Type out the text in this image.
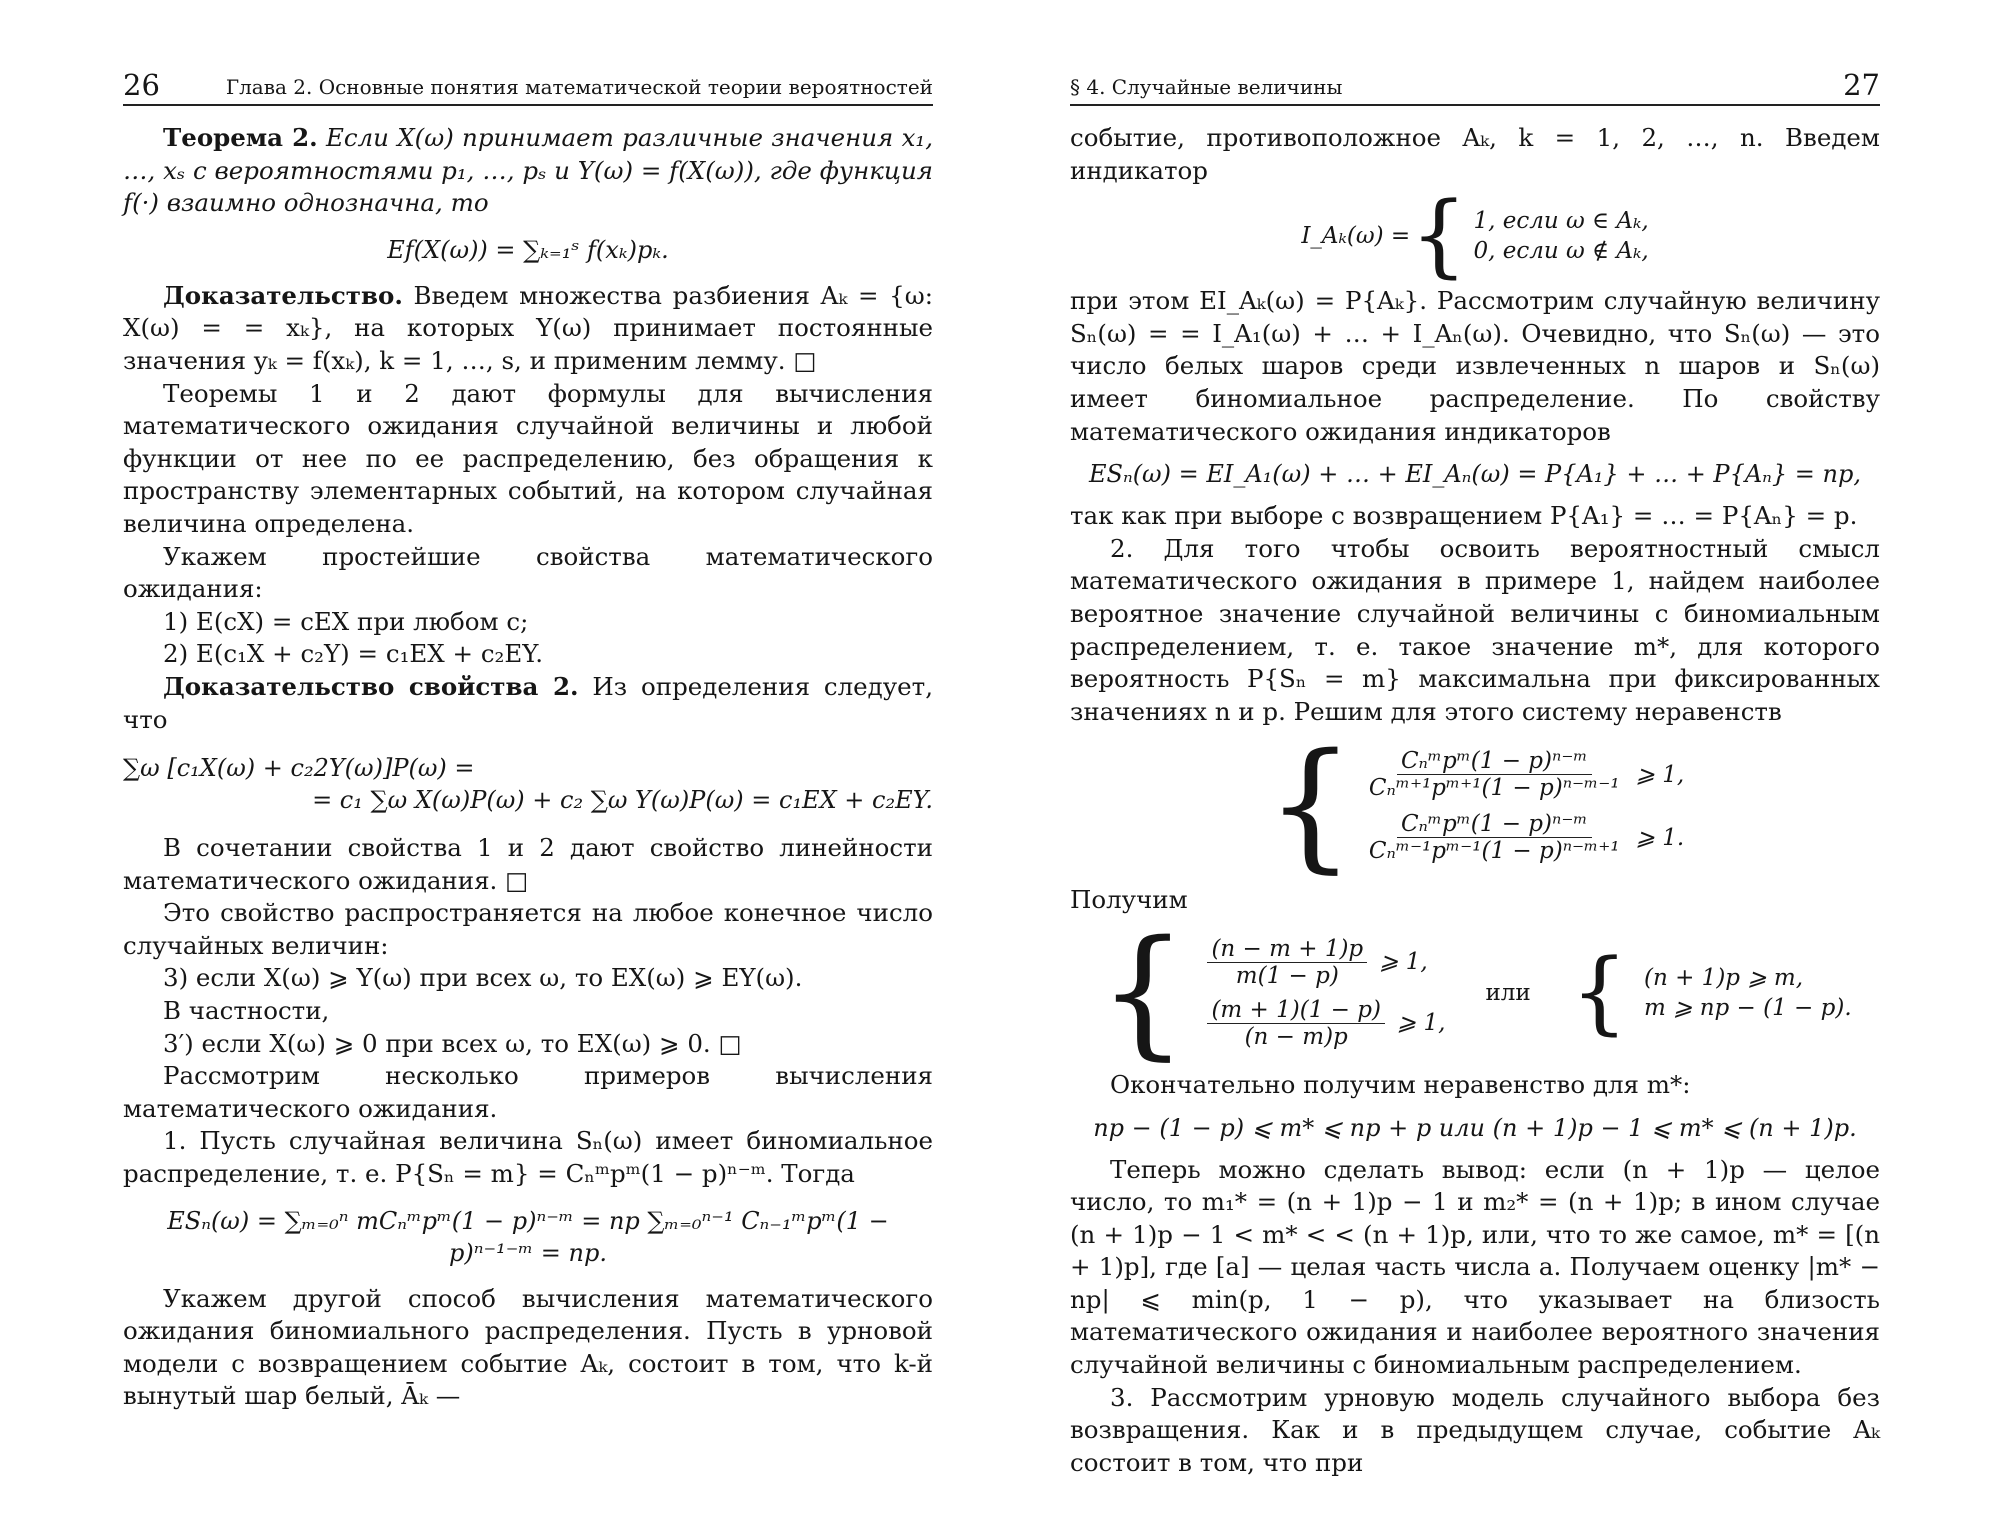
26	Глава 2. Основные понятия математической теории вероятностей

Теорема 2. Если X(ω) принимает различные значения x₁, …, xₛ с вероятностями p₁, …, pₛ и Y(ω) = f(X(ω)), где функция f(·) взаимно однозначна, то

Ef(X(ω)) = ∑ₖ₌₁ˢ f(xₖ)pₖ.

Доказательство. Введем множества разбиения Aₖ = {ω: X(ω) = = xₖ}, на которых Y(ω) принимает постоянные значения yₖ = f(xₖ), k = 1, …, s, и применим лемму. □

Теоремы 1 и 2 дают формулы для вычисления математического ожидания случайной величины и любой функции от нее по ее распределению, без обращения к пространству элементарных событий, на котором случайная величина определена.

Укажем простейшие свойства математического ожидания:

1) E(cX) = cEX при любом c;

2) E(c₁X + c₂Y) = c₁EX + c₂EY.

Доказательство свойства 2. Из определения следует, что

∑ω [c₁X(ω) + c₂2Y(ω)]P(ω) =
= c₁ ∑ω X(ω)P(ω) + c₂ ∑ω Y(ω)P(ω) = c₁EX + c₂EY.

В сочетании свойства 1 и 2 дают свойство линейности математического ожидания. □

Это свойство распространяется на любое конечное число случайных величин:

3) если X(ω) ⩾ Y(ω) при всех ω, то EX(ω) ⩾ EY(ω).

В частности,

3′) если X(ω) ⩾ 0 при всех ω, то EX(ω) ⩾ 0. □

Рассмотрим несколько примеров вычисления математического ожидания.

1. Пусть случайная величина Sₙ(ω) имеет биномиальное распределение, т. е. P{Sₙ = m} = Cₙᵐpᵐ(1 − p)ⁿ⁻ᵐ. Тогда

ESₙ(ω) = ∑ₘ₌₀ⁿ mCₙᵐpᵐ(1 − p)ⁿ⁻ᵐ = np ∑ₘ₌₀ⁿ⁻¹ Cₙ₋₁ᵐpᵐ(1 − p)ⁿ⁻¹⁻ᵐ = np.

Укажем другой способ вычисления математического ожидания биномиального распределения. Пусть в урновой модели с возвращением событие Aₖ, состоит в том, что k-й вынутый шар белый, Āₖ —

§ 4. Случайные величины	27

событие, противоположное Aₖ, k = 1, 2, …, n. Введем индикатор

I_Aₖ(ω) = { 1, если ω ∈ Aₖ,
0, если ω ∉ Aₖ,

при этом EI_Aₖ(ω) = P{Aₖ}. Рассмотрим случайную величину Sₙ(ω) = = I_A₁(ω) + … + I_Aₙ(ω). Очевидно, что Sₙ(ω) — это число белых шаров среди извлеченных n шаров и Sₙ(ω) имеет биномиальное распределение. По свойству математического ожидания индикаторов

ESₙ(ω) = EI_A₁(ω) + … + EI_Aₙ(ω) = P{A₁} + … + P{Aₙ} = np,

так как при выборе с возвращением P{A₁} = … = P{Aₙ} = p.

2. Для того чтобы освоить вероятностный смысл математического ожидания в примере 1, найдем наиболее вероятное значение случайной величины с биномиальным распределением, т. е. такое значение m*, для которого вероятность P{Sₙ = m} максимальна при фиксированных значениях n и p. Решим для этого систему неравенств

{ $\frac{\text{Cₙᵐpᵐ(1 − p)ⁿ⁻ᵐ}}{\text{Cₙᵐ⁺¹pᵐ⁺¹(1 − p)ⁿ⁻ᵐ⁻¹}}$ ⩾ 1,
$\frac{\text{Cₙᵐpᵐ(1 − p)ⁿ⁻ᵐ}}{\text{Cₙᵐ⁻¹pᵐ⁻¹(1 − p)ⁿ⁻ᵐ⁺¹}}$ ⩾ 1.

Получим

{ $\frac{(n - m + 1)p}{m(1 - p)}$ ⩾ 1,
$\frac{(m + 1)(1 - p)}{(n - m)p}$ ⩾ 1,
или { (n + 1)p ⩾ m,
m ⩾ np − (1 − p).

Окончательно получим неравенство для m*:

np − (1 − p) ⩽ m* ⩽ np + p или (n + 1)p − 1 ⩽ m* ⩽ (n + 1)p.

Теперь можно сделать вывод: если (n + 1)p — целое число, то m₁* = (n + 1)p − 1 и m₂* = (n + 1)p; в ином случае (n + 1)p − 1 < m* < < (n + 1)p, или, что то же самое, m* = [(n + 1)p], где [a] — целая часть числа a. Получаем оценку |m* − np| ⩽ min(p, 1 − p), что указывает на близость математического ожидания и наиболее вероятного значения случайной величины с биномиальным распределением.

3. Рассмотрим урновую модель случайного выбора без возвращения. Как и в предыдущем случае, событие Aₖ состоит в том, что при
